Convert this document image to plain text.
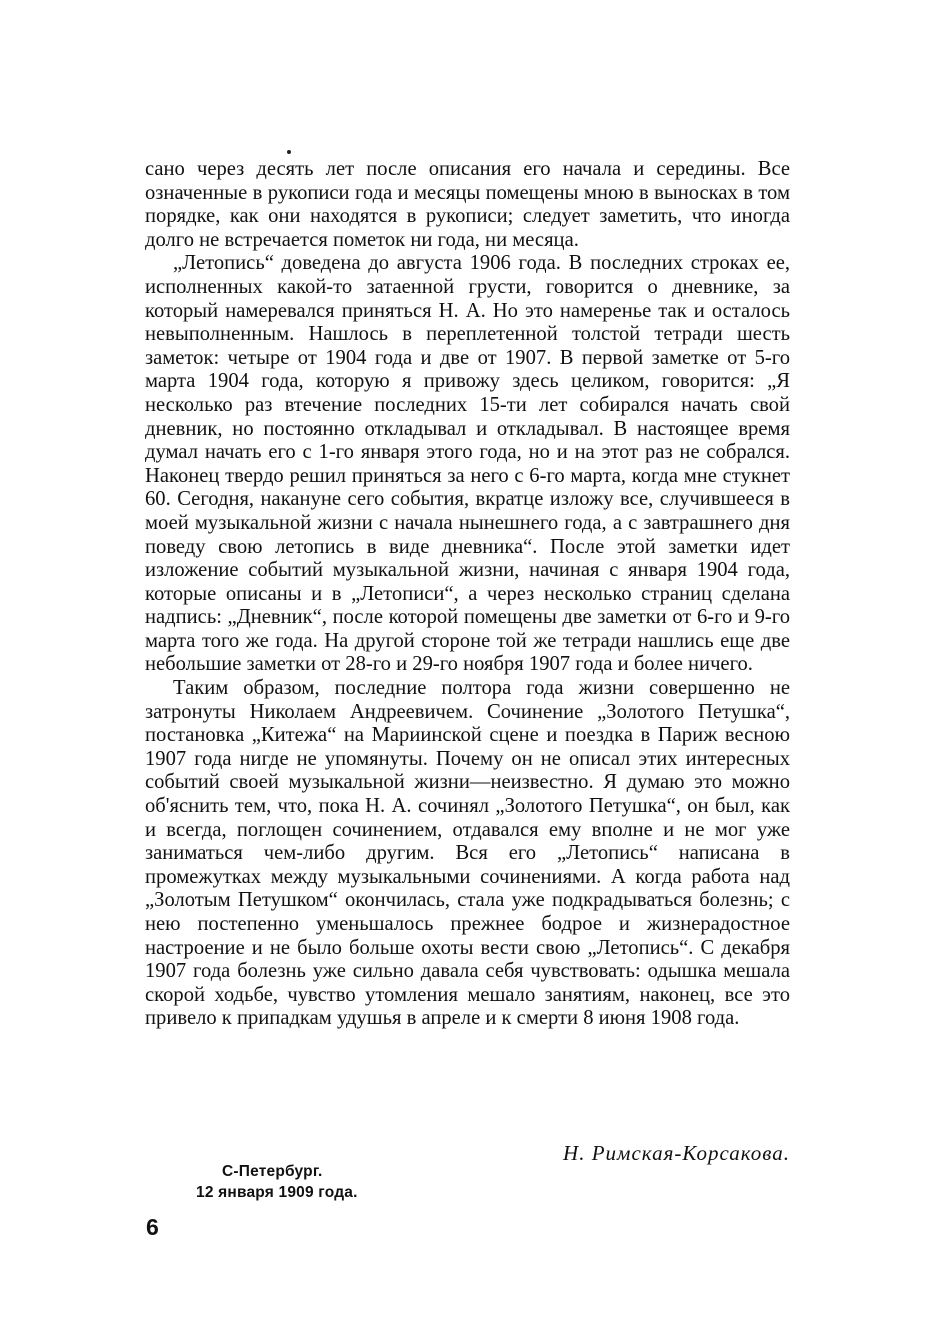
сано через десять лет после описания его начала и середины. Все означенные в рукописи года и месяцы помещены мною в выносках в том порядке, как они находятся в рукописи; следует заметить, что иногда долго не встречается пометок ни года, ни месяца.

„Летопись“ доведена до августа 1906 года. В последних строках ее, исполненных какой-то затаенной грусти, говорится о дневнике, за который намеревался приняться Н. А. Но это намеренье так и осталось невыполненным. Нашлось в переплетенной толстой тетради шесть заметок: четыре от 1904 года и две от 1907. В первой заметке от 5-го марта 1904 года, которую я привожу здесь целиком, говорится: „Я несколько раз втечение последних 15-ти лет собирался начать свой дневник, но постоянно откладывал и откладывал. В настоящее время думал начать его с 1-го января этого года, но и на этот раз не собрался. Наконец твердо решил приняться за него с 6-го марта, когда мне стукнет 60. Сегодня, накануне сего события, вкратце изложу все, случившееся в моей музыкальной жизни с начала нынешнего года, а с завтрашнего дня поведу свою летопись в виде дневника“. После этой заметки идет изложение событий музыкальной жизни, начиная с января 1904 года, которые описаны и в „Летописи“, а через несколько страниц сделана надпись: „Дневник“, после которой помещены две заметки от 6-го и 9-го марта того же года. На другой стороне той же тетради нашлись еще две небольшие заметки от 28-го и 29-го ноября 1907 года и более ничего.

Таким образом, последние полтора года жизни совершенно не затронуты Николаем Андреевичем. Сочинение „Золотого Петушка“, постановка „Китежа“ на Мариинской сцене и поездка в Париж весною 1907 года нигде не упомянуты. Почему он не описал этих интересных событий своей музыкальной жизни—неизвестно. Я думаю это можно об'яснить тем, что, пока Н. А. сочинял „Золотого Петушка“, он был, как и всегда, поглощен сочинением, отдавался ему вполне и не мог уже заниматься чем-либо другим. Вся его „Летопись“ написана в промежутках между музыкальными сочинениями. А когда работа над „Золотым Петушком“ окончилась, стала уже подкрадываться болезнь; с нею постепенно уменьшалось прежнее бодрое и жизнерадостное настроение и не было больше охоты вести свою „Летопись“. С декабря 1907 года болезнь уже сильно давала себя чувствовать: одышка мешала скорой ходьбе, чувство утомления мешало занятиям, наконец, все это привело к припадкам удушья в апреле и к смерти 8 июня 1908 года.

Н. Римская-Корсакова.
С-Петербург.
12 января 1909 года.
6
